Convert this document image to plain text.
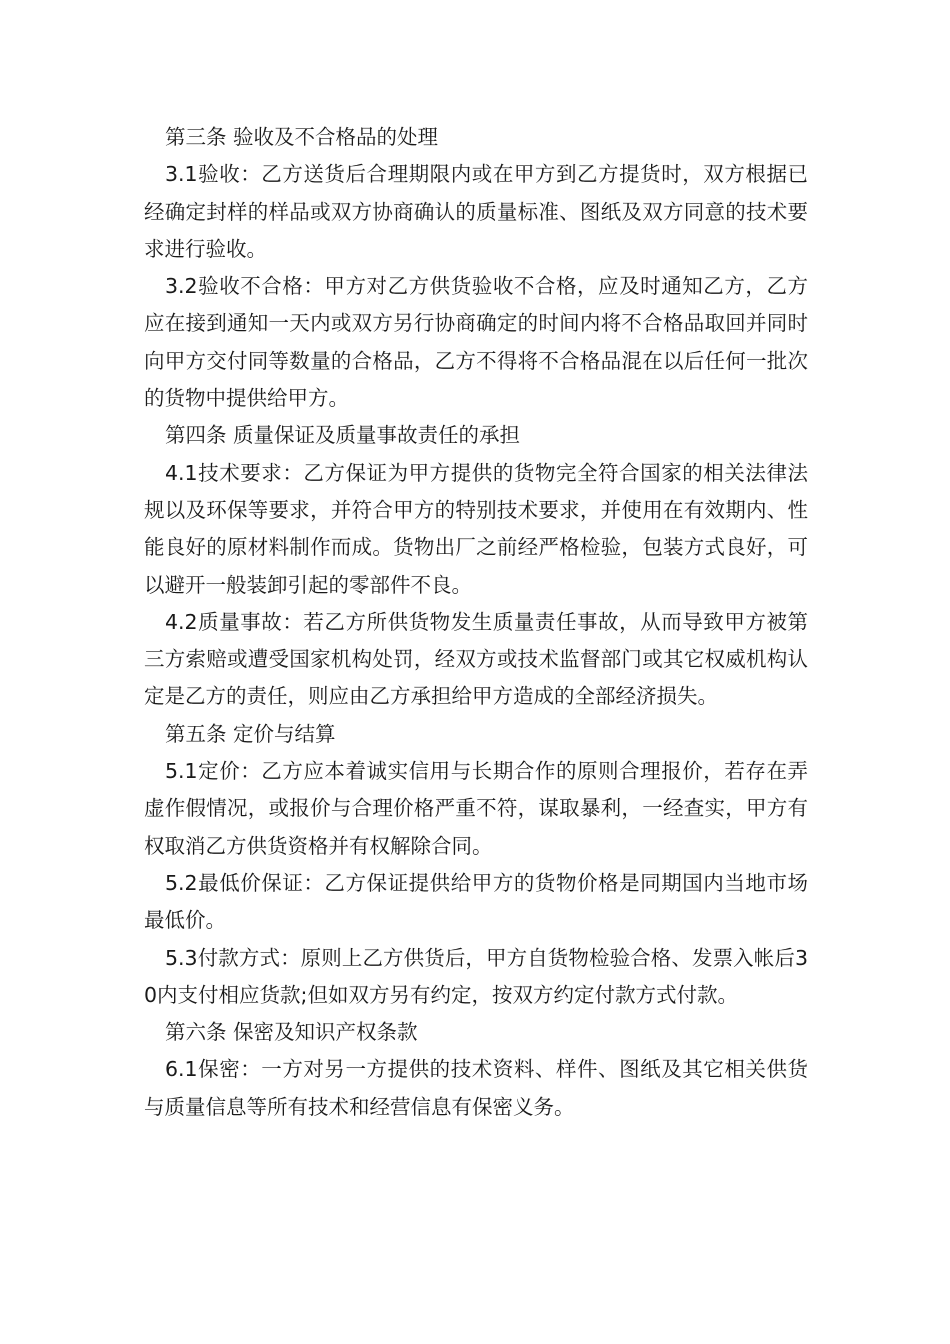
第三条 验收及不合格品的处理

3.1验收：乙方送货后合理期限内或在甲方到乙方提货时，双方根据已经确定封样的样品或双方协商确认的质量标准、图纸及双方同意的技术要求进行验收。

3.2验收不合格：甲方对乙方供货验收不合格，应及时通知乙方，乙方应在接到通知一天内或双方另行协商确定的时间内将不合格品取回并同时向甲方交付同等数量的合格品，乙方不得将不合格品混在以后任何一批次的货物中提供给甲方。

第四条 质量保证及质量事故责任的承担

4.1技术要求：乙方保证为甲方提供的货物完全符合国家的相关法律法规以及环保等要求，并符合甲方的特别技术要求，并使用在有效期内、性能良好的原材料制作而成。货物出厂之前经严格检验，包装方式良好，可以避开一般装卸引起的零部件不良。

4.2质量事故：若乙方所供货物发生质量责任事故，从而导致甲方被第三方索赔或遭受国家机构处罚，经双方或技术监督部门或其它权威机构认定是乙方的责任，则应由乙方承担给甲方造成的全部经济损失。

第五条 定价与结算

5.1定价：乙方应本着诚实信用与长期合作的原则合理报价，若存在弄虚作假情况，或报价与合理价格严重不符，谋取暴利，一经查实，甲方有权取消乙方供货资格并有权解除合同。

5.2最低价保证：乙方保证提供给甲方的货物价格是同期国内当地市场最低价。

5.3付款方式：原则上乙方供货后，甲方自货物检验合格、发票入帐后30内支付相应货款;但如双方另有约定，按双方约定付款方式付款。

第六条 保密及知识产权条款

6.1保密：一方对另一方提供的技术资料、样件、图纸及其它相关供货与质量信息等所有技术和经营信息有保密义务。
